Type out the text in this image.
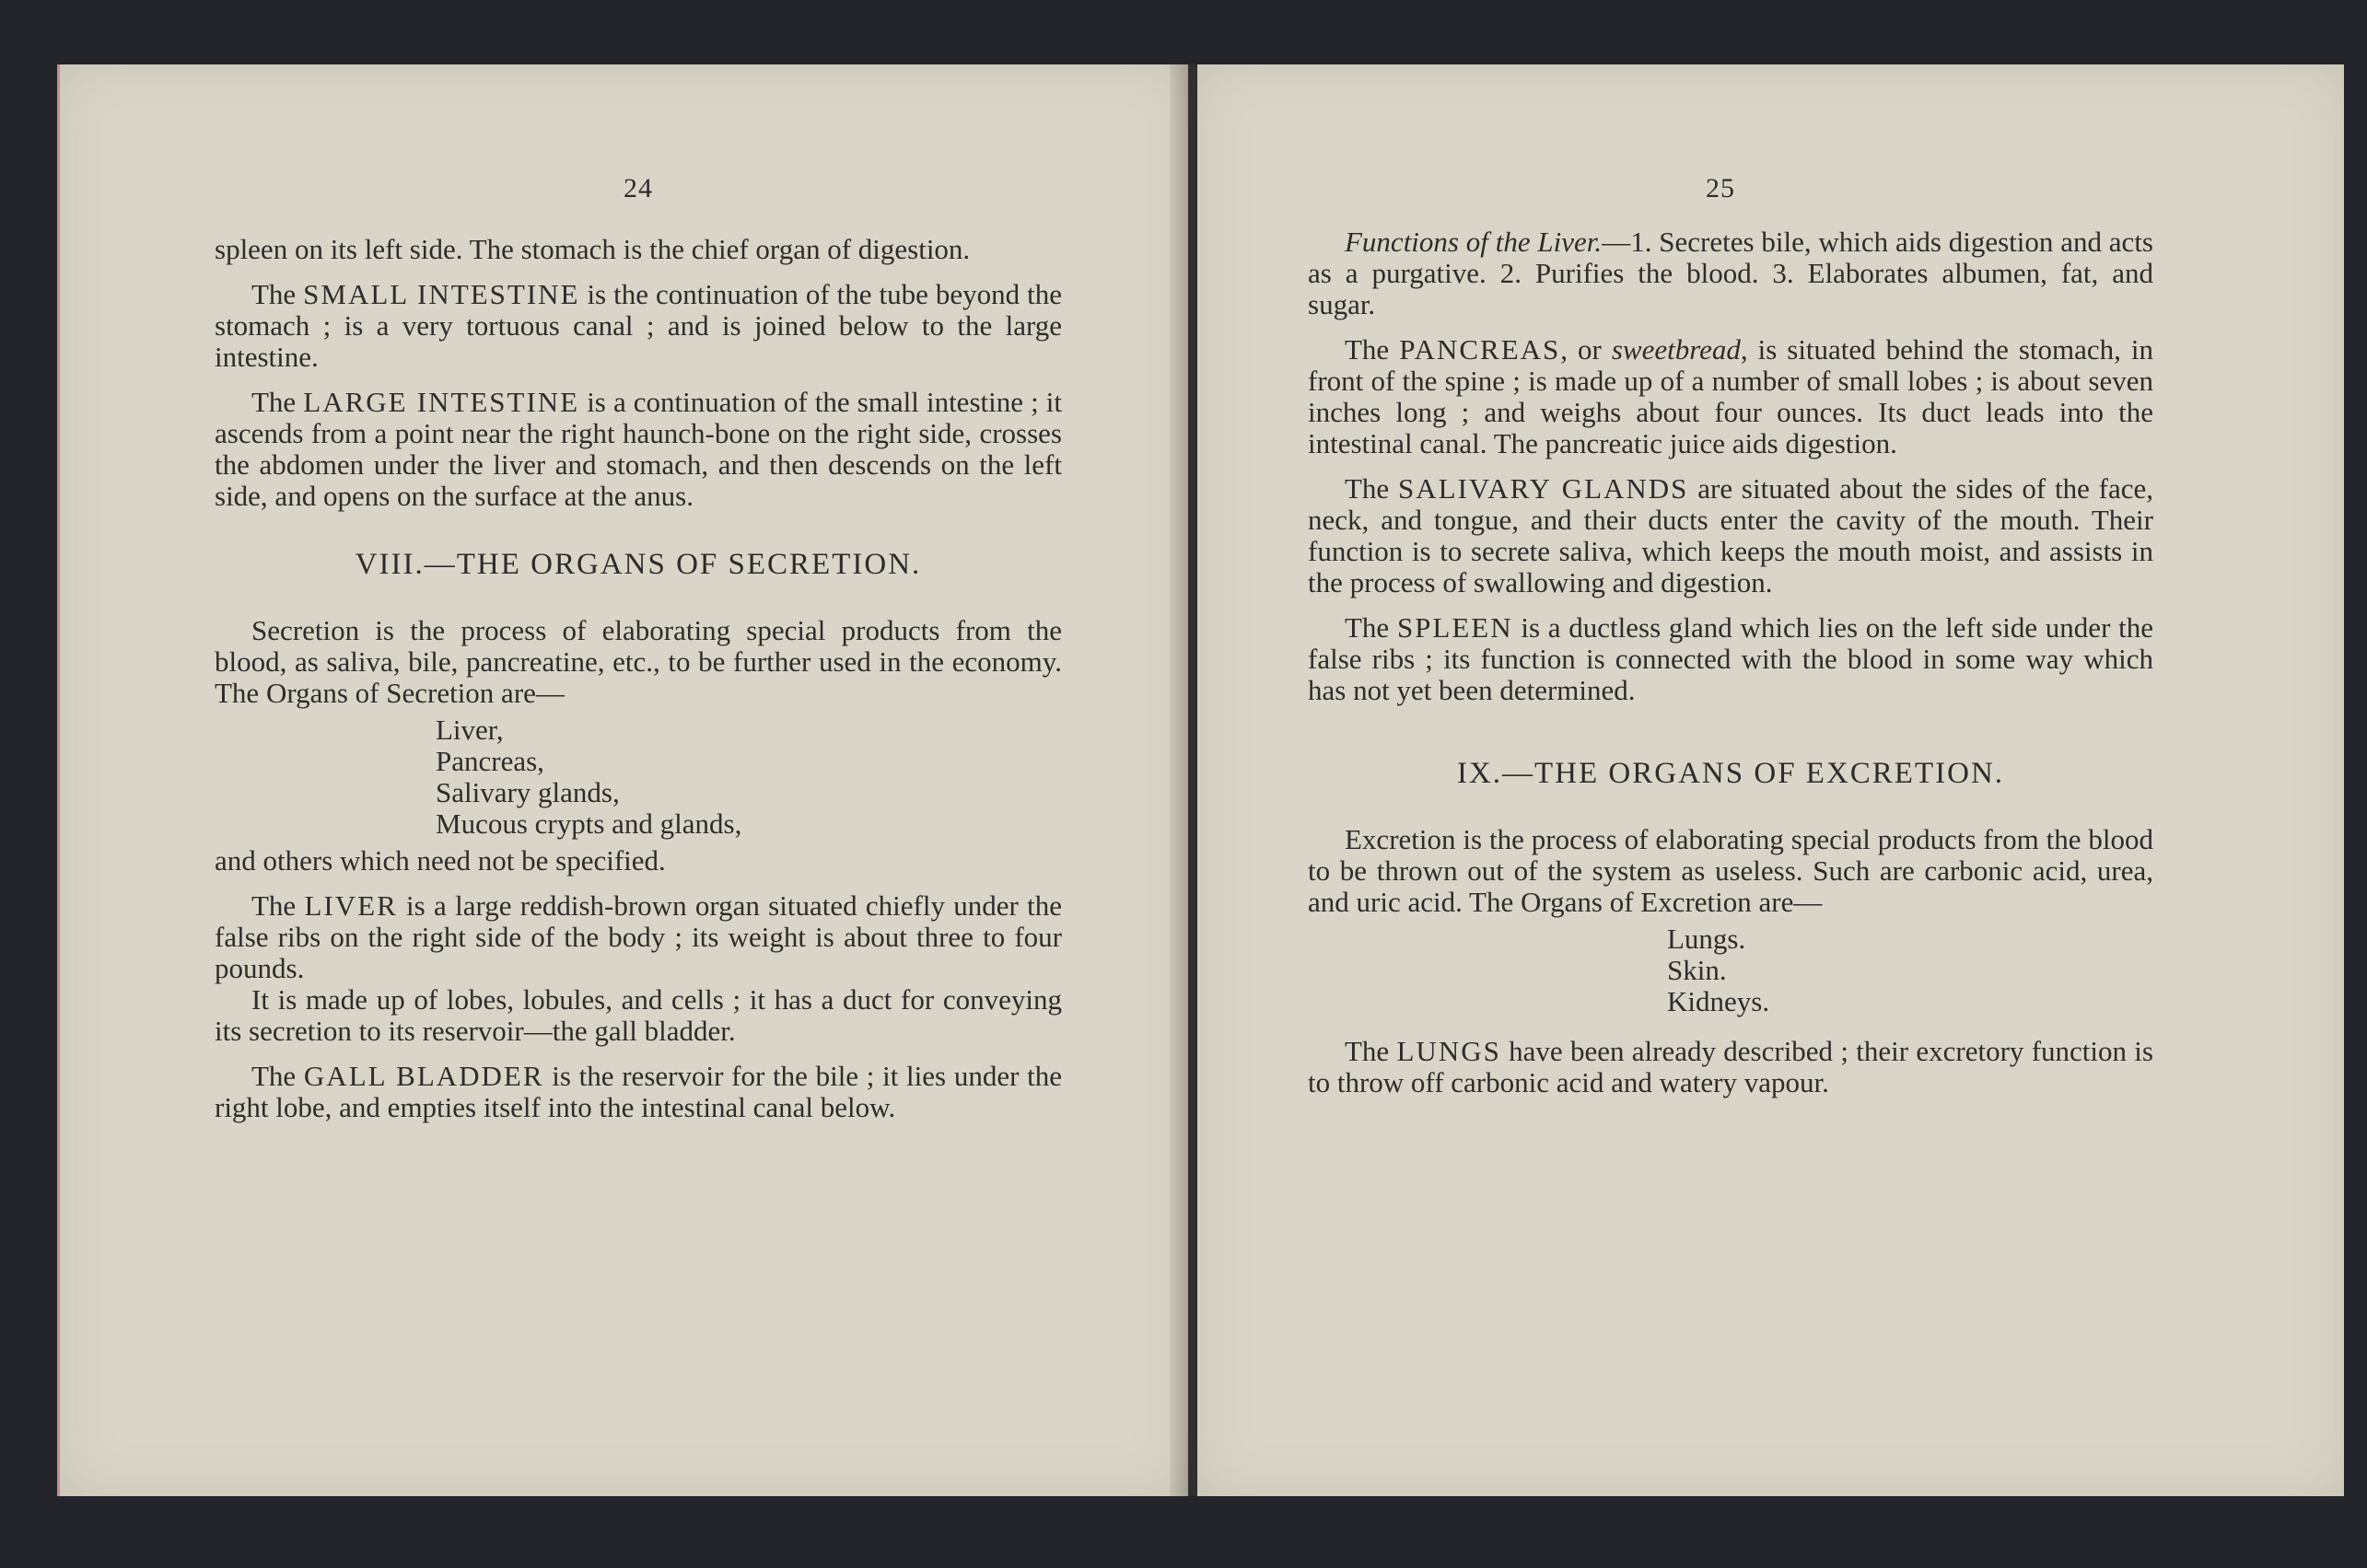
24

spleen on its left side. The stomach is the chief organ of digestion.

The SMALL INTESTINE is the continuation of the tube beyond the stomach ; is a very tortuous canal ; and is joined below to the large intestine.

The LARGE INTESTINE is a continuation of the small intestine ; it ascends from a point near the right haunch-bone on the right side, crosses the abdomen under the liver and stomach, and then descends on the left side, and opens on the surface at the anus.

VIII.—THE ORGANS OF SECRETION.

Secretion is the process of elaborating special products from the blood, as saliva, bile, pancreatine, etc., to be further used in the economy. The Organs of Secretion are—

Liver,
Pancreas,
Salivary glands,
Mucous crypts and glands,

and others which need not be specified.

The LIVER is a large reddish-brown organ situated chiefly under the false ribs on the right side of the body ; its weight is about three to four pounds.

It is made up of lobes, lobules, and cells ; it has a duct for conveying its secretion to its reservoir—the gall bladder.

The GALL BLADDER is the reservoir for the bile ; it lies under the right lobe, and empties itself into the intestinal canal below.

25

Functions of the Liver.—1. Secretes bile, which aids digestion and acts as a purgative. 2. Purifies the blood. 3. Elaborates albumen, fat, and sugar.

The PANCREAS, or sweetbread, is situated behind the stomach, in front of the spine ; is made up of a number of small lobes ; is about seven inches long ; and weighs about four ounces. Its duct leads into the intestinal canal. The pancreatic juice aids digestion.

The SALIVARY GLANDS are situated about the sides of the face, neck, and tongue, and their ducts enter the cavity of the mouth. Their function is to secrete saliva, which keeps the mouth moist, and assists in the process of swallowing and digestion.

The SPLEEN is a ductless gland which lies on the left side under the false ribs ; its function is connected with the blood in some way which has not yet been determined.

IX.—THE ORGANS OF EXCRETION.

Excretion is the process of elaborating special products from the blood to be thrown out of the system as useless. Such are carbonic acid, urea, and uric acid. The Organs of Excretion are—

Lungs.
Skin.
Kidneys.

The LUNGS have been already described ; their excretory function is to throw off carbonic acid and watery vapour.
